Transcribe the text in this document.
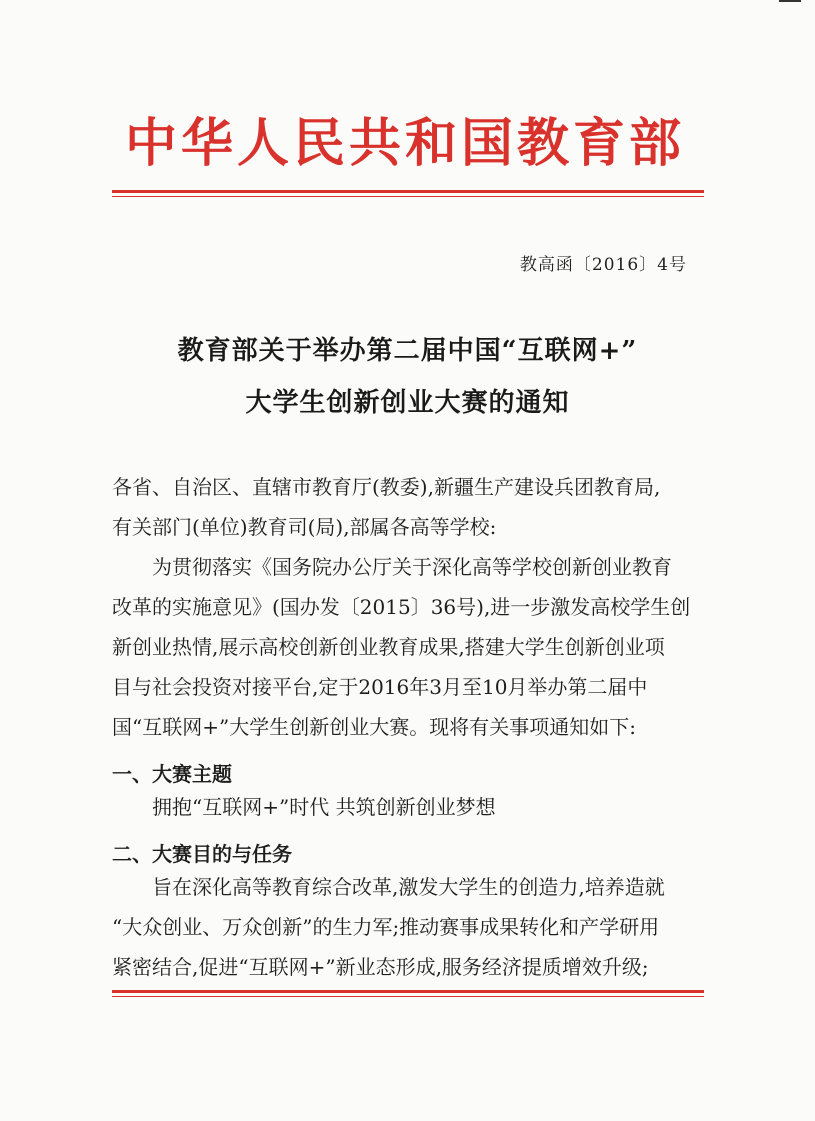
中华人民共和国教育部
教高函〔2016〕4号
教育部关于举办第二届中国“互联网+”
大学生创新创业大赛的通知
各省、自治区、直辖市教育厅(教委),新疆生产建设兵团教育局,
有关部门(单位)教育司(局),部属各高等学校:
为贯彻落实《国务院办公厅关于深化高等学校创新创业教育
改革的实施意见》(国办发〔2015〕36号),进一步激发高校学生创
新创业热情,展示高校创新创业教育成果,搭建大学生创新创业项
目与社会投资对接平台,定于2016年3月至10月举办第二届中
国“互联网+”大学生创新创业大赛。现将有关事项通知如下:
一、大赛主题
拥抱“互联网+”时代 共筑创新创业梦想
二、大赛目的与任务
旨在深化高等教育综合改革,激发大学生的创造力,培养造就
“大众创业、万众创新”的生力军;推动赛事成果转化和产学研用
紧密结合,促进“互联网+”新业态形成,服务经济提质增效升级;
